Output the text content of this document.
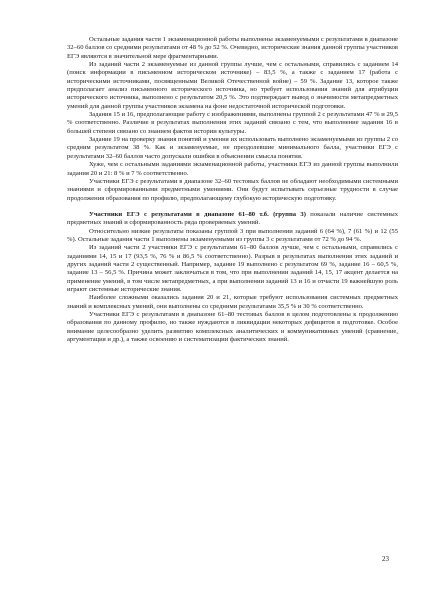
Остальные задания части 1 экзаменационной работы выполнены экзаменуемыми с результатами в диапазоне 32–60 баллов со средними результатами от 48 % до 52 %. Очевидно, исторические знания данной группы участников ЕГЭ являются в значительной мере фрагментарными.

Из заданий части 2 экзаменуемые из данной группы лучше, чем с остальными, справились с заданием 14 (поиск информации в письменном историческом источнике) – 83,5 %, а также с заданием 17 (работа с историческими источниками, посвященными Великой Отечественной войне) – 59 %. Задание 13, которое также предполагает анализ письменного исторического источника, но требует использования знаний для атрибуции исторического источника, выполнено с результатом 20,5 %. Это подтверждает вывод о значимости метапредметных умений для данной группы участников экзамена на фоне недостаточной исторической подготовки.

Задания 15 и 16, предполагающие работу с изображениями, выполнены группой 2 с результатами 47 % и 29,5 % соответственно. Различие в результатах выполнения этих заданий связано с тем, что выполнение задания 16 в большей степени связано со знанием фактов истории культуры.

Задание 19 на проверку знания понятий и умения их использовать выполнено экзаменуемыми из группы 2 со средним результатом 38 %. Как и экзаменуемые, не преодолевшие минимального балла, участники ЕГЭ с результатами 32–60 баллов часто допускали ошибки в объяснении смысла понятия.

Хуже, чем с остальными заданиями экзаменационной работы, участники ЕГЭ из данной группы выполнили задания 20 и 21: 8 % и 7 % соответственно.

Участники ЕГЭ с результатами в диапазоне 32–60 тестовых баллов не обладают необходимыми системными знаниями и сформированными предметными умениями. Они будут испытывать серьезные трудности в случае продолжения образования по профилю, предполагающему глубокую историческую подготовку.

Участники ЕГЭ с результатами в диапазоне 61–80 т.б. (группа 3) показали наличие системных предметных знаний и сформированность ряда проверяемых умений.

Относительно низкие результаты показаны группой 3 при выполнении заданий 6 (64 %), 7 (61 %) и 12 (55 %). Остальные задания части 1 выполнены экзаменуемыми из группы 3 с результатами от 72 % до 94 %.

Из заданий части 2 участники ЕГЭ с результатами 61–80 баллов лучше, чем с остальными, справились с заданиями 14, 15 и 17 (93,5 %, 76 % и 86,5 % соответственно). Разрыв в результатах выполнения этих заданий и других заданий части 2 существенный. Например, задание 19 выполнено с результатом 69 %, задание 16 – 60,5 %, задание 13 – 56,5 %. Причина может заключаться в том, что при выполнении заданий 14, 15, 17 акцент делается на применение умений, в том числе метапредметных, а при выполнении заданий 13 и 16 и отчасти 19 важнейшую роль играют системные исторические знания.

Наиболее сложными оказались задания 20 и 21, которые требуют использования системных предметных знаний и комплексных умений, они выполнены со средними результатами 35,5 % и 30 % соответственно.

Участники ЕГЭ с результатами в диапазоне 61–80 тестовых баллов в целом подготовлены к продолжению образования по данному профилю, но также нуждаются в ликвидации некоторых дефицитов в подготовке. Особое внимание целесообразно уделить развитию комплексных аналитических и коммуникативных умений (сравнение, аргументация и др.), а также освоению и систематизации фактических знаний.

23
